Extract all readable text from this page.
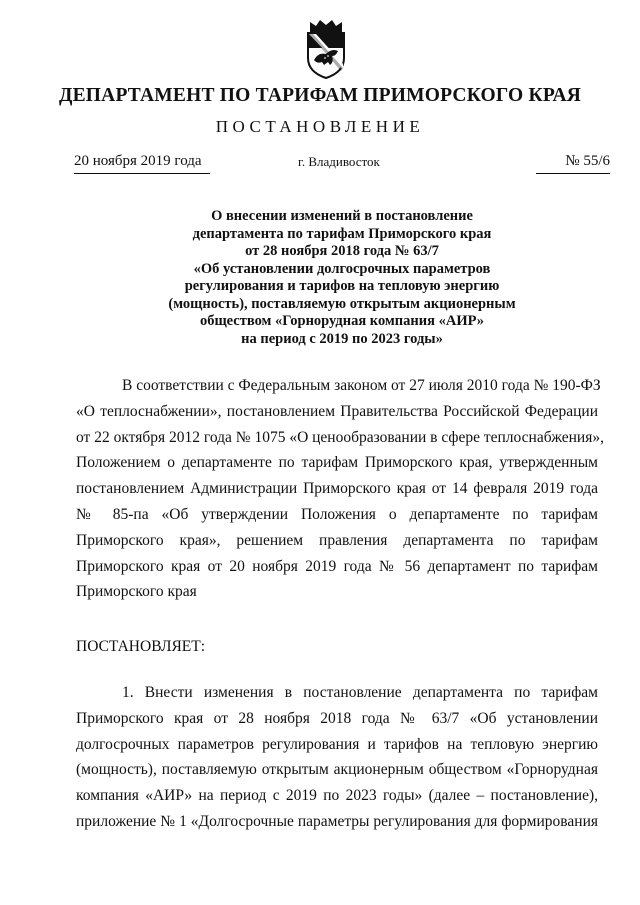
ДЕПАРТАМЕНТ ПО ТАРИФАМ ПРИМОРСКОГО КРАЯ
ПОСТАНОВЛЕНИЕ
20 ноября 2019 года	г. Владивосток	№ 55/6
О внесении изменений в постановление
департамента по тарифам Приморского края
от 28 ноября 2018 года № 63/7
«Об установлении долгосрочных параметров
регулирования и тарифов на тепловую энергию
(мощность), поставляемую открытым акционерным
обществом «Горнорудная компания «АИР»
на период с 2019 по 2023 годы»
В соответствии с Федеральным законом от 27 июля 2010 года № 190-ФЗ
«О теплоснабжении», постановлением Правительства Российской Федерации
от 22 октября 2012 года № 1075 «О ценообразовании в сфере теплоснабжения»,
Положением о департаменте по тарифам Приморского края, утвержденным
постановлением Администрации Приморского края от 14 февраля 2019 года
№ 85-па «Об утверждении Положения о департаменте по тарифам
Приморского края», решением правления департамента по тарифам
Приморского края от 20 ноября 2019 года № 56 департамент по тарифам
Приморского края
ПОСТАНОВЛЯЕТ:
1. Внести изменения в постановление департамента по тарифам
Приморского края от 28 ноября 2018 года № 63/7 «Об установлении
долгосрочных параметров регулирования и тарифов на тепловую энергию
(мощность), поставляемую открытым акционерным обществом «Горнорудная
компания «АИР» на период с 2019 по 2023 годы» (далее – постановление),
приложение № 1 «Долгосрочные параметры регулирования для формирования
